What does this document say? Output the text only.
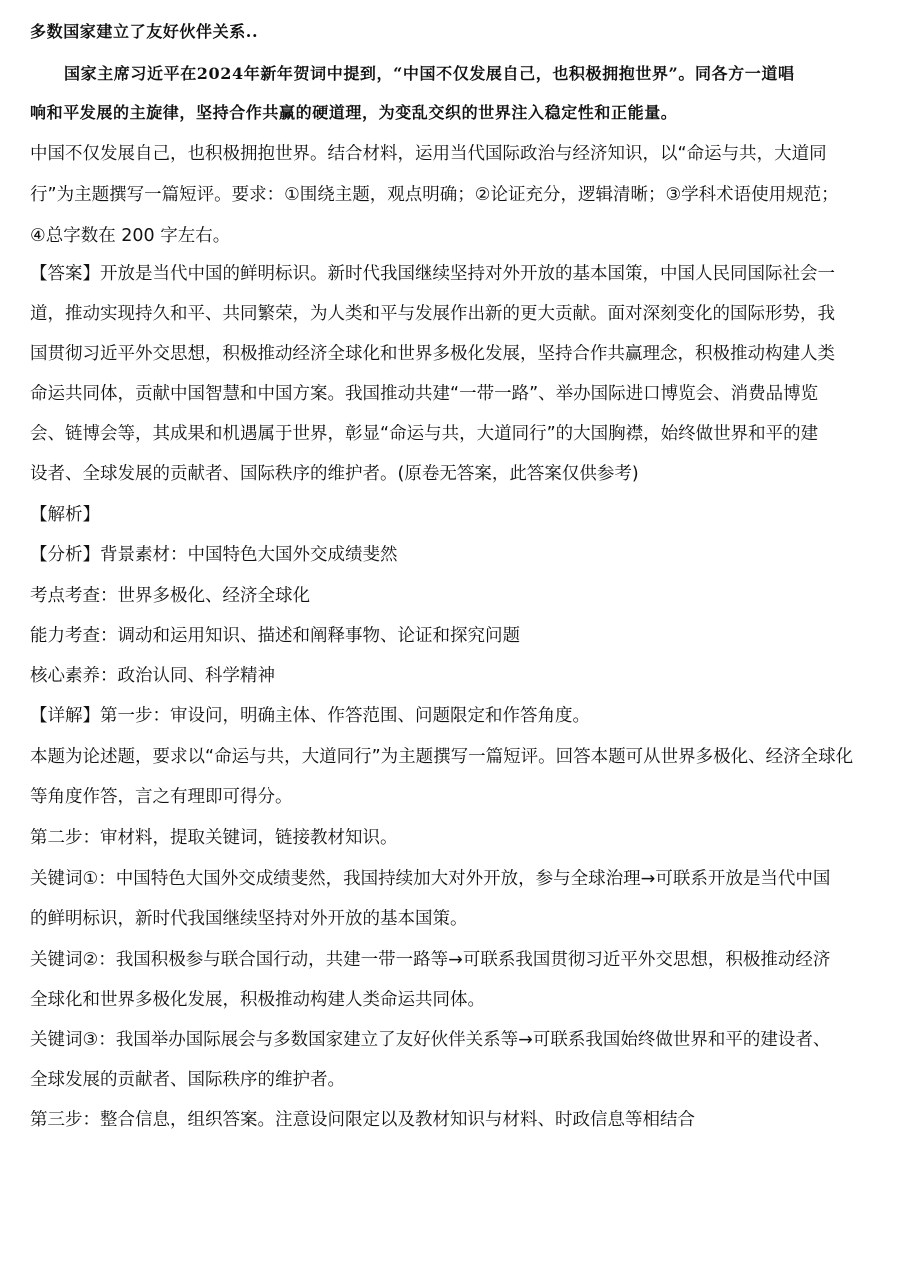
多数国家建立了友好伙伴关系..
国家主席习近平在2024年新年贺词中提到，“中国不仅发展自己，也积极拥抱世界”。同各方一道唱
响和平发展的主旋律，坚持合作共赢的硬道理，为变乱交织的世界注入稳定性和正能量。
中国不仅发展自己，也积极拥抱世界。结合材料，运用当代国际政治与经济知识，以“命运与共，大道同
行”为主题撰写一篇短评。要求：①围绕主题，观点明确；②论证充分，逻辑清晰；③学科术语使用规范；
④总字数在 200 字左右。
【答案】开放是当代中国的鲜明标识。新时代我国继续坚持对外开放的基本国策，中国人民同国际社会一
道，推动实现持久和平、共同繁荣，为人类和平与发展作出新的更大贡献。面对深刻变化的国际形势，我
国贯彻习近平外交思想，积极推动经济全球化和世界多极化发展，坚持合作共赢理念，积极推动构建人类
命运共同体，贡献中国智慧和中国方案。我国推动共建“一带一路”、举办国际进口博览会、消费品博览
会、链博会等，其成果和机遇属于世界，彰显“命运与共，大道同行”的大国胸襟，始终做世界和平的建
设者、全球发展的贡献者、国际秩序的维护者。(原卷无答案，此答案仅供参考)
【解析】
【分析】背景素材：中国特色大国外交成绩斐然
考点考查：世界多极化、经济全球化
能力考查：调动和运用知识、描述和阐释事物、论证和探究问题
核心素养：政治认同、科学精神
【详解】第一步：审设问，明确主体、作答范围、问题限定和作答角度。
本题为论述题，要求以“命运与共，大道同行”为主题撰写一篇短评。回答本题可从世界多极化、经济全球化
等角度作答，言之有理即可得分。
第二步：审材料，提取关键词，链接教材知识。
关键词①：中国特色大国外交成绩斐然，我国持续加大对外开放，参与全球治理→可联系开放是当代中国
的鲜明标识，新时代我国继续坚持对外开放的基本国策。
关键词②：我国积极参与联合国行动，共建一带一路等→可联系我国贯彻习近平外交思想，积极推动经济
全球化和世界多极化发展，积极推动构建人类命运共同体。
关键词③：我国举办国际展会与多数国家建立了友好伙伴关系等→可联系我国始终做世界和平的建设者、
全球发展的贡献者、国际秩序的维护者。
第三步：整合信息，组织答案。注意设问限定以及教材知识与材料、时政信息等相结合
